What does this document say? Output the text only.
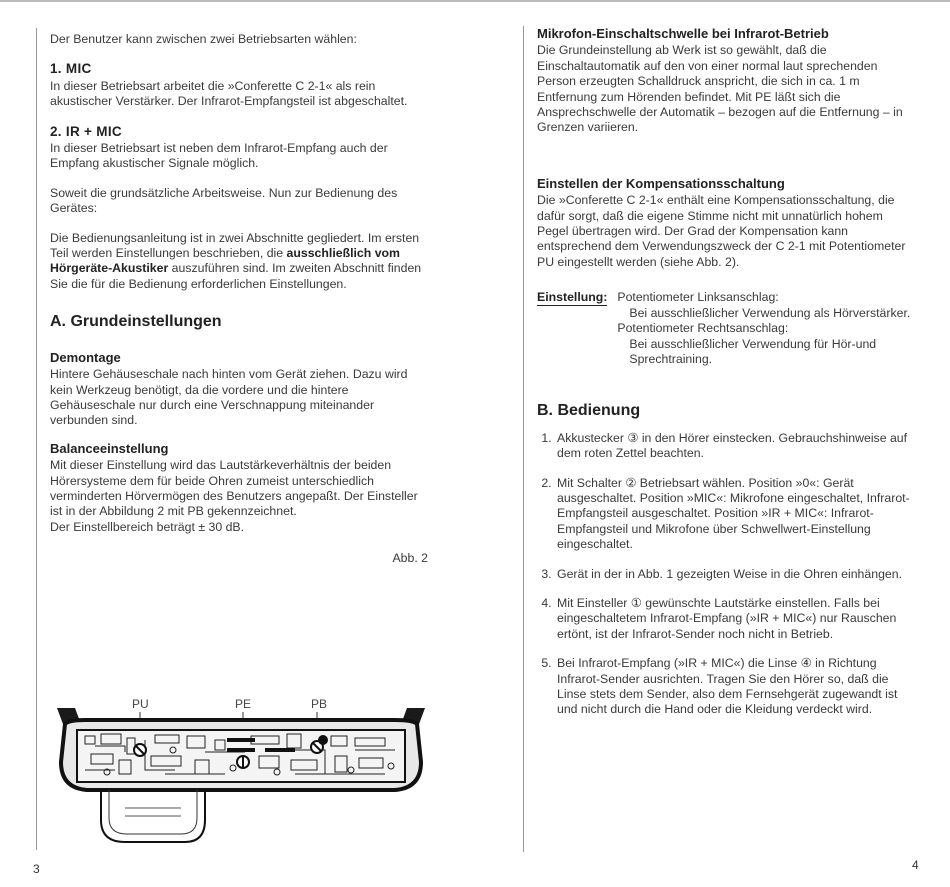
Der Benutzer kann zwischen zwei Betriebsarten wählen:

1. MIC

In dieser Betriebsart arbeitet die »Conferette C 2-1« als rein akustischer Verstärker. Der Infrarot-Empfangsteil ist abgeschaltet.

2. IR + MIC

In dieser Betriebsart ist neben dem Infrarot-Empfang auch der Empfang akustischer Signale möglich.

Soweit die grundsätzliche Arbeitsweise. Nun zur Bedienung des Gerätes:

Die Bedienungsanleitung ist in zwei Abschnitte gegliedert. Im ersten Teil werden Einstellungen beschrieben, die ausschließlich vom Hörgeräte-Akustiker auszuführen sind. Im zweiten Abschnitt finden Sie die für die Bedienung erforderlichen Einstellungen.

A. Grundeinstellungen

Demontage

Hintere Gehäuseschale nach hinten vom Gerät ziehen. Dazu wird kein Werkzeug benötigt, da die vordere und die hintere Gehäuseschale nur durch eine Verschnappung miteinander verbunden sind.

Balanceeinstellung

Mit dieser Einstellung wird das Lautstärkeverhältnis der beiden Hörersysteme dem für beide Ohren zumeist unterschiedlich verminderten Hörvermögen des Benutzers angepaßt. Der Einsteller ist in der Abbildung 2 mit PB gekennzeichnet.

Der Einstellbereich beträgt ± 30 dB.

Abb. 2

PU	PE	PB
3

Mikrofon-Einschaltschwelle bei Infrarot-Betrieb

Die Grundeinstellung ab Werk ist so gewählt, daß die Einschaltautomatik auf den von einer normal laut sprechenden Person erzeugten Schalldruck anspricht, die sich in ca. 1 m Entfernung zum Hörenden befindet. Mit PE läßt sich die Ansprechschwelle der Automatik – bezogen auf die Entfernung – in Grenzen variieren.

Einstellen der Kompensationsschaltung

Die »Conferette C 2-1« enthält eine Kompensationsschaltung, die dafür sorgt, daß die eigene Stimme nicht mit unnatürlich hohem Pegel übertragen wird. Der Grad der Kompensation kann entsprechend dem Verwendungszweck der C 2-1 mit Potentiometer PU eingestellt werden (siehe Abb. 2).

Einstellung: Potentiometer Linksanschlag:

Bei ausschließlicher Verwendung als Hörverstärker.

Potentiometer Rechtsanschlag:

Bei ausschließlicher Verwendung für Hör-und Sprechtraining.

B. Bedienung

1. Akkustecker ③ in den Hörer einstecken. Gebrauchshinweise auf dem roten Zettel beachten.
2. Mit Schalter ② Betriebsart wählen. Position »0«: Gerät ausgeschaltet. Position »MIC«: Mikrofone eingeschaltet, Infrarot-Empfangsteil ausgeschaltet. Position »IR + MIC«: Infrarot-Empfangsteil und Mikrofone über Schwellwert-Einstellung eingeschaltet.
3. Gerät in der in Abb. 1 gezeigten Weise in die Ohren einhängen.
4. Mit Einsteller ① gewünschte Lautstärke einstellen. Falls bei eingeschaltetem Infrarot-Empfang (»IR + MIC«) nur Rauschen ertönt, ist der Infrarot-Sender noch nicht in Betrieb.
5. Bei Infrarot-Empfang (»IR + MIC«) die Linse ④ in Richtung Infrarot-Sender ausrichten. Tragen Sie den Hörer so, daß die Linse stets dem Sender, also dem Fernsehgerät zugewandt ist und nicht durch die Hand oder die Kleidung verdeckt wird.
4
